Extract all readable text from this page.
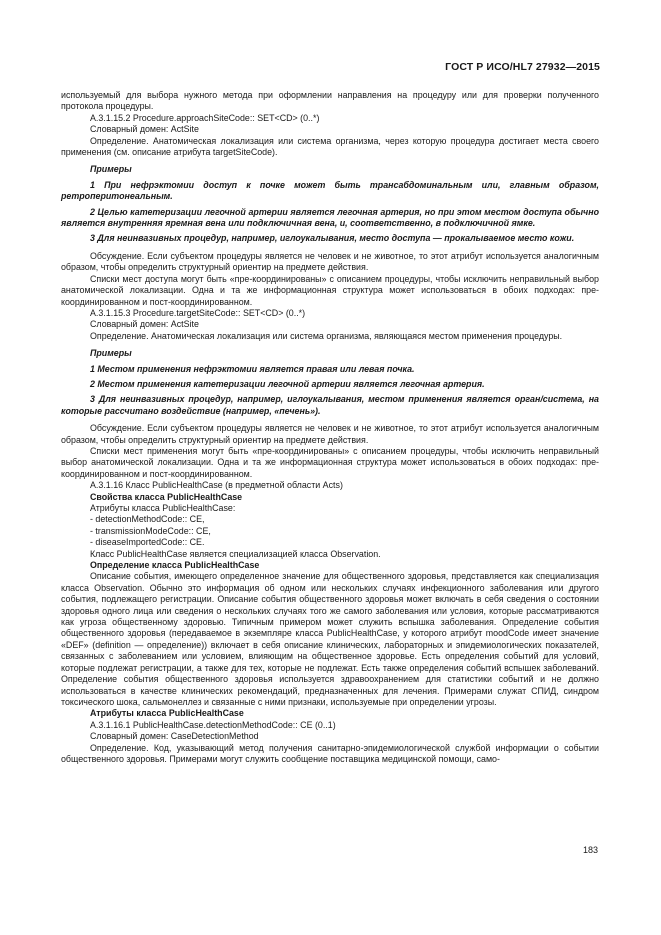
ГОСТ Р ИСО/HL7 27932—2015

используемый для выбора нужного метода при оформлении направления на процедуру или для проверки полученного протокола процедуры.

A.3.1.15.2 Procedure.approachSiteCode:: SET<CD> (0..*)

Словарный домен: ActSite

Определение. Анатомическая локализация или система организма, через которую процедура достигает места своего применения (см. описание атрибута targetSiteCode).

Примеры

1 При нефрэктомии доступ к почке может быть трансабдоминальным или, главным образом, ретроперитонеальным.

2 Целью катетеризации легочной артерии является легочная артерия, но при этом местом доступа обычно является внутренняя яремная вена или подключичная вена, и, соответственно, в подключичной ямке.

3 Для неинвазивных процедур, например, иглоукалывания, место доступа — прокалываемое место кожи.

Обсуждение. Если субъектом процедуры является не человек и не животное, то этот атрибут используется аналогичным образом, чтобы определить структурный ориентир на предмете действия.

Списки мест доступа могут быть «пре-координированы» с описанием процедуры, чтобы исключить неправильный выбор анатомической локализации. Одна и та же информационная структура может использоваться в обоих подходах: пре-координированном и пост-координированном.

A.3.1.15.3 Procedure.targetSiteCode:: SET<CD> (0..*)

Словарный домен: ActSite

Определение. Анатомическая локализация или система организма, являющаяся местом применения процедуры.

Примеры

1 Местом применения нефрэктомии является правая или левая почка.

2 Местом применения катетеризации легочной артерии является легочная артерия.

3 Для неинвазивных процедур, например, иглоукалывания, местом применения является орган/система, на которые рассчитано воздействие (например, «печень»).

Обсуждение. Если субъектом процедуры является не человек и не животное, то этот атрибут используется аналогичным образом, чтобы определить структурный ориентир на предмете действия.

Списки мест применения могут быть «пре-координированы» с описанием процедуры, чтобы исключить неправильный выбор анатомической локализации. Одна и та же информационная структура может использоваться в обоих подходах: пре-координированном и пост-координированном.

A.3.1.16 Класс PublicHealthCase (в предметной области Acts)

Свойства класса PublicHealthCase

Атрибуты класса PublicHealthCase:

- detectionMethodCode:: CE,

- transmissionModeCode:: CE,

- diseaseImportedCode:: CE.

Класс PublicHealthCase является специализацией класса Observation.

Определение класса PublicHealthCase

Описание события, имеющего определенное значение для общественного здоровья, представляется как специализация класса Observation. Обычно это информация об одном или нескольких случаях инфекционного заболевания или другого события, подлежащего регистрации. Описание события общественного здоровья может включать в себя сведения о состоянии здоровья одного лица или сведения о нескольких случаях того же самого заболевания или условия, которые рассматриваются как угроза общественному здоровью. Типичным примером может служить вспышка заболевания. Определение события общественного здоровья (передаваемое в экземпляре класса PublicHealthCase, у которого атрибут moodCode имеет значение «DEF» (definition — определение)) включает в себя описание клинических, лабораторных и эпидемиологических показателей, связанных с заболеванием или условием, влияющим на общественное здоровье. Есть определения событий для условий, которые подлежат регистрации, а также для тех, которые не подлежат. Есть также определения событий вспышек заболеваний. Определение события общественного здоровья используется здравоохранением для статистики событий и не должно использоваться в качестве клинических рекомендаций, предназначенных для лечения. Примерами служат СПИД, синдром токсического шока, сальмонеллез и связанные с ними признаки, используемые при определении угрозы.

Атрибуты класса PublicHealthCase

A.3.1.16.1 PublicHealthCase.detectionMethodCode:: CE (0..1)

Словарный домен: CaseDetectionMethod

Определение. Код, указывающий метод получения санитарно-эпидемиологической службой информации о событии общественного здоровья. Примерами могут служить сообщение поставщика медицинской помощи, само-

183
